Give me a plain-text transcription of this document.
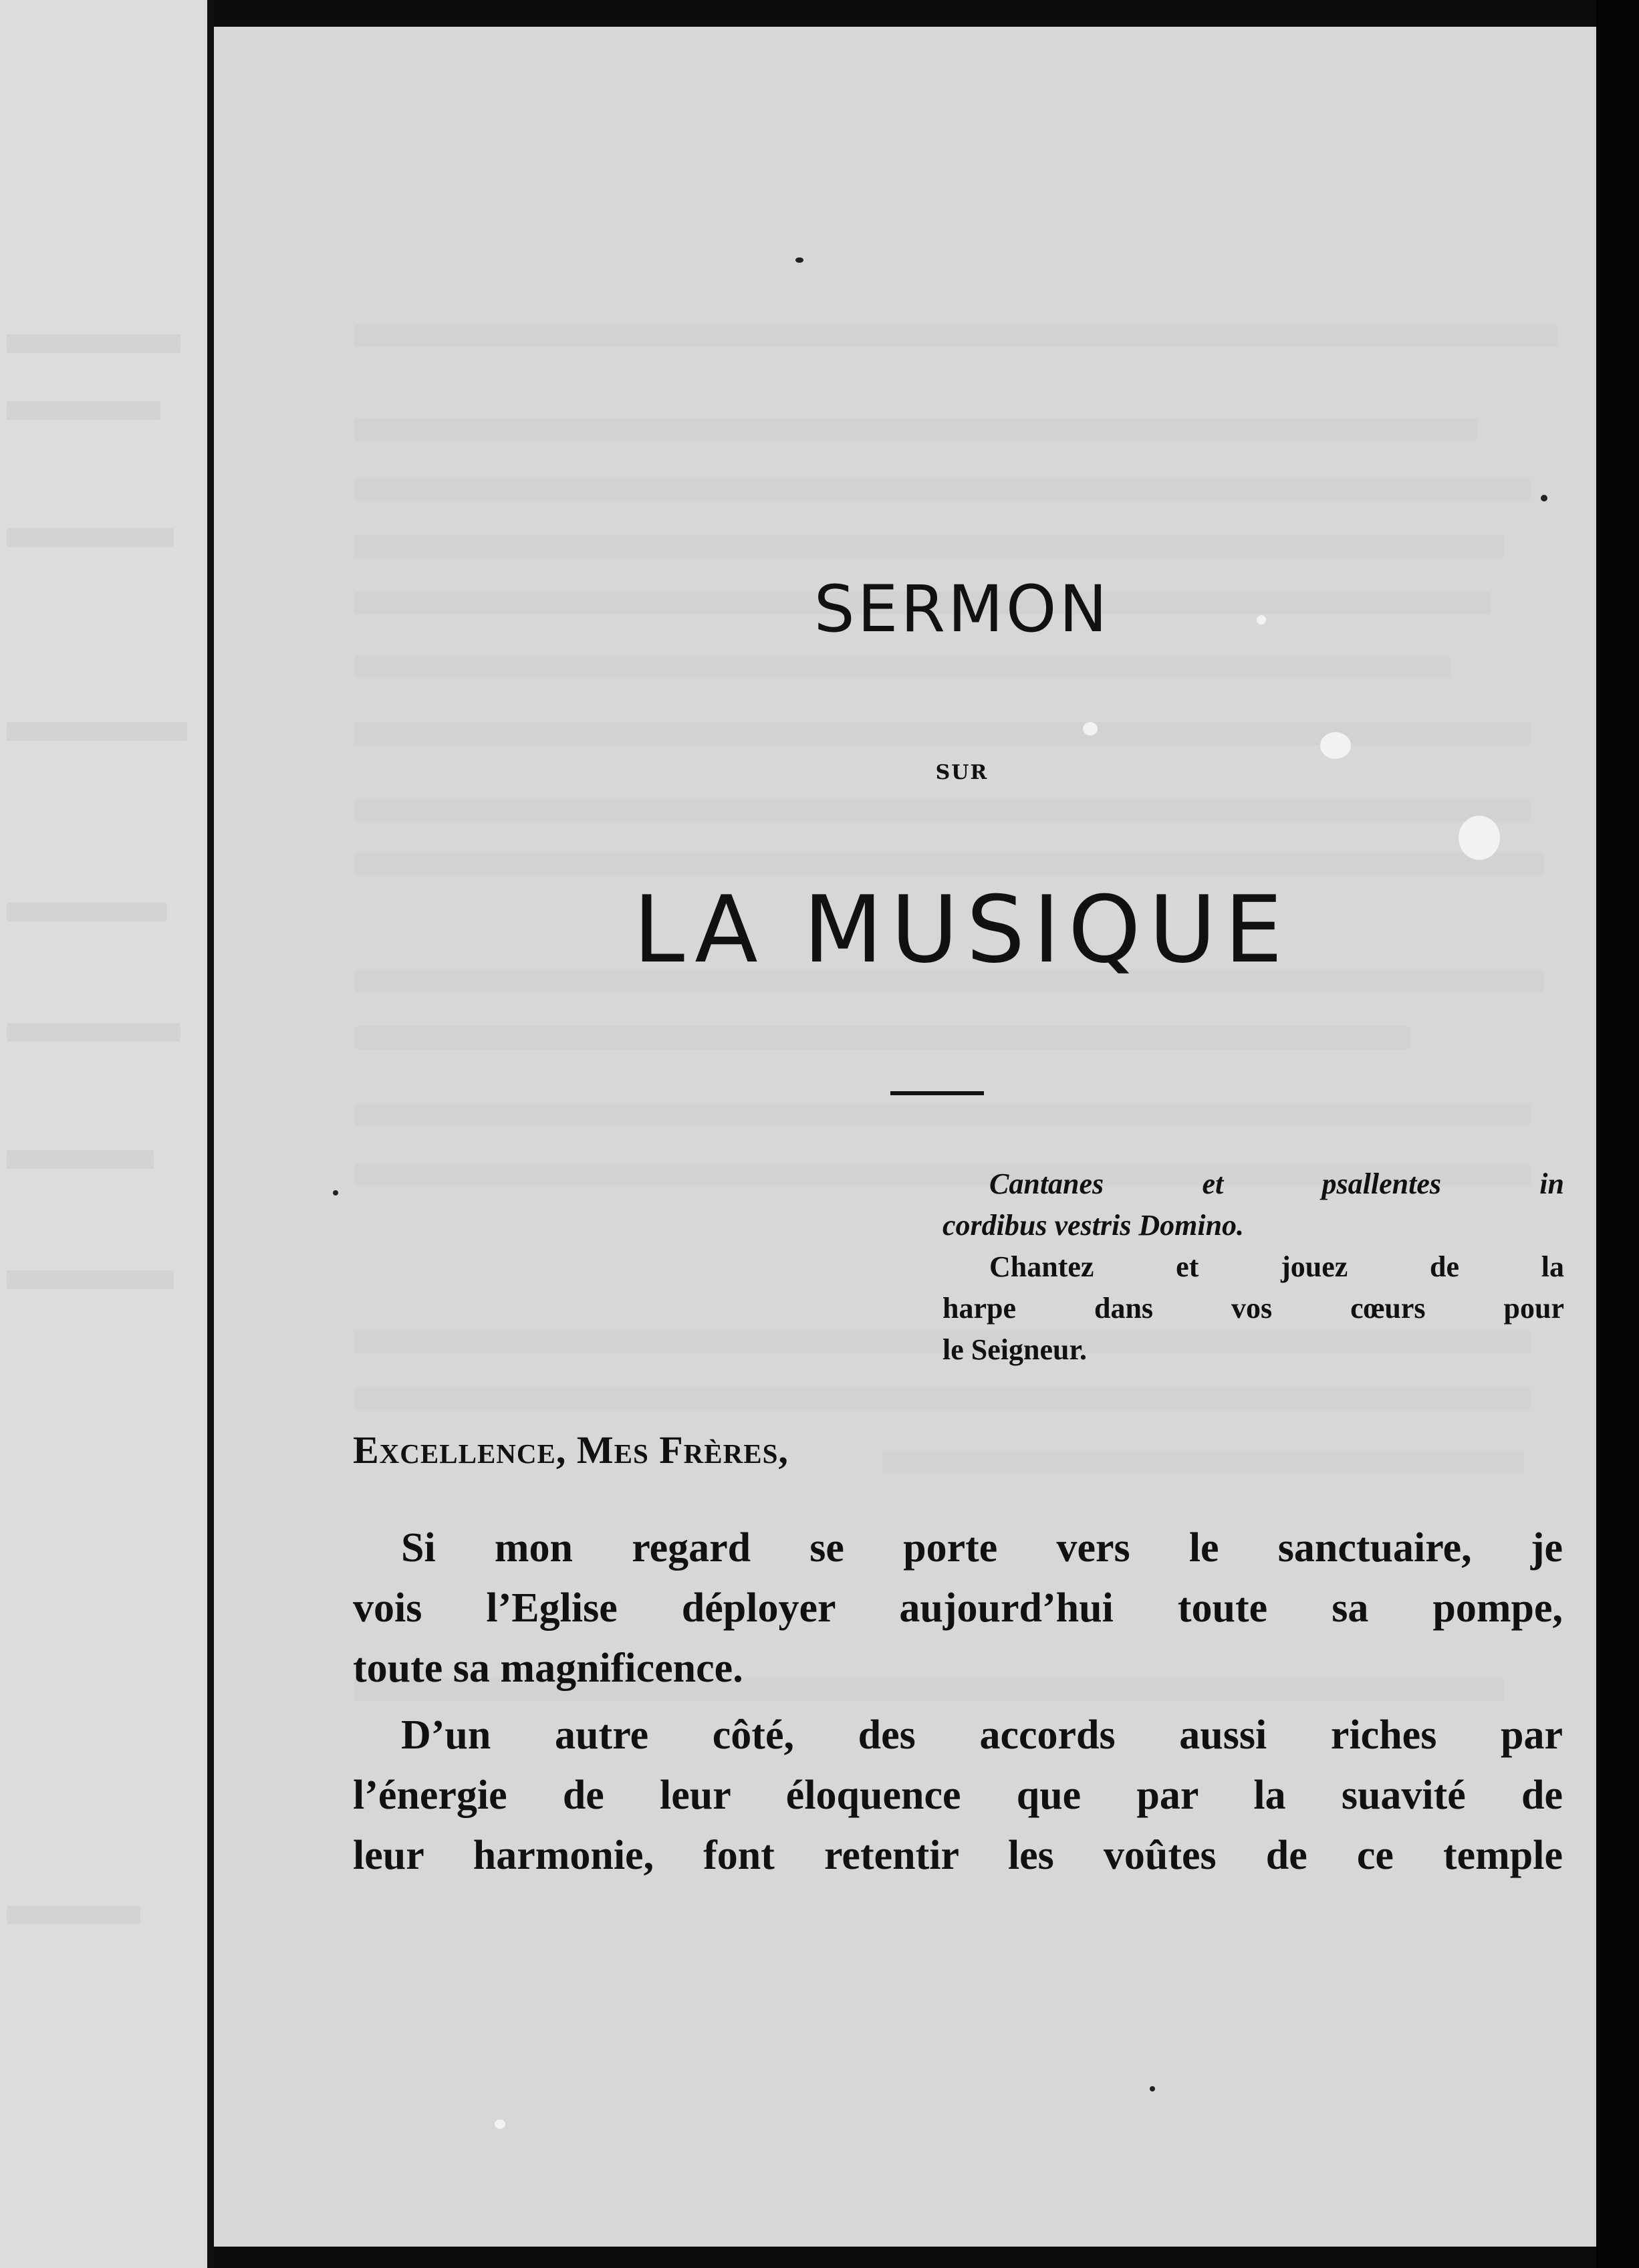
SERMON
SUR
LA MUSIQUE
Cantanes et psallentes in
cordibus vestris Domino.
Chantez et jouez de la
harpe dans vos cœurs pour
le Seigneur.
Excellence, Mes Frères,
Si mon regard se porte vers le sanctuaire, je
vois l’Eglise déployer aujourd’hui toute sa pompe,
toute sa magnificence.
D’un autre côté, des accords aussi riches par
l’énergie de leur éloquence que par la suavité de
leur harmonie, font retentir les voûtes de ce temple
